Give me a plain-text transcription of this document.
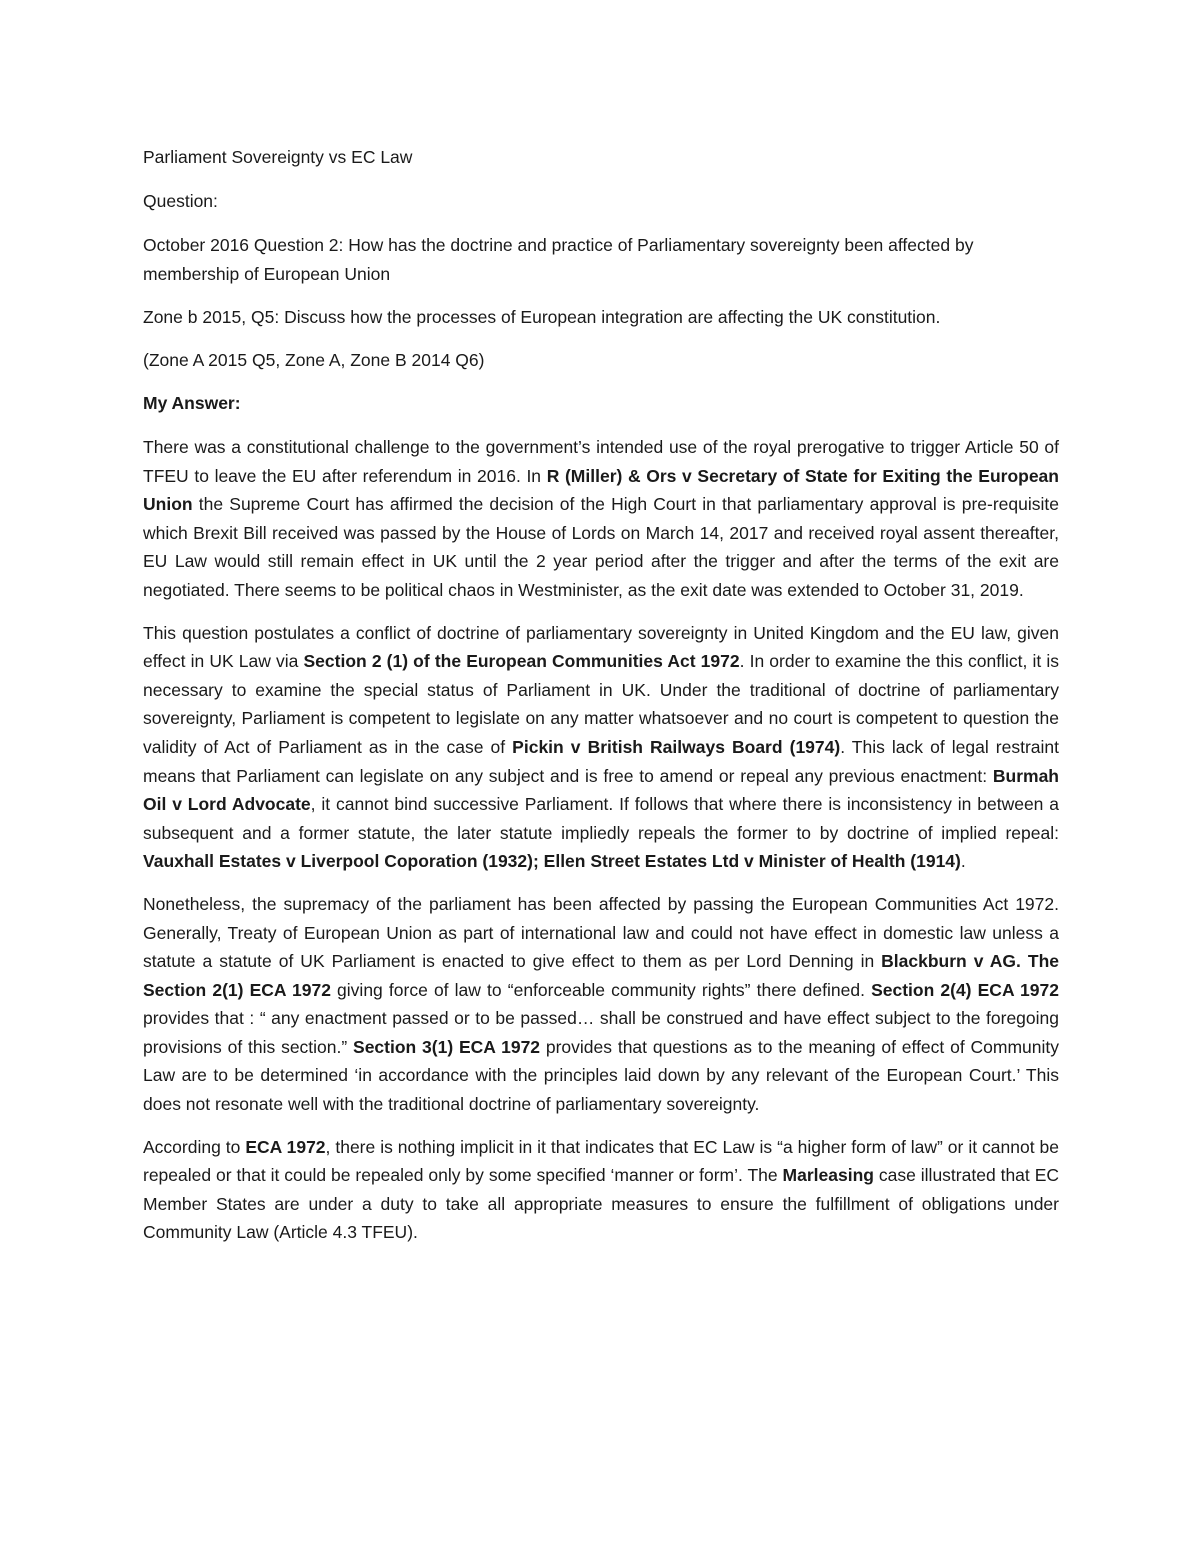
Parliament Sovereignty vs EC Law

Question:

October 2016 Question 2: How has the doctrine and practice of Parliamentary sovereignty been affected by membership of European Union

Zone b 2015, Q5: Discuss how the processes of European integration are affecting the UK constitution.

(Zone A 2015 Q5, Zone A, Zone B 2014 Q6)

My Answer:

There was a constitutional challenge to the government’s intended use of the royal prerogative to trigger Article 50 of TFEU to leave the EU after referendum in 2016. In R (Miller) & Ors v Secretary of State for Exiting the European Union the Supreme Court has affirmed the decision of the High Court in that parliamentary approval is pre-requisite which Brexit Bill received was passed by the House of Lords on March 14, 2017 and received royal assent thereafter, EU Law would still remain effect in UK until the 2 year period after the trigger and after the terms of the exit are negotiated. There seems to be political chaos in Westminister, as the exit date was extended to October 31, 2019.

This question postulates a conflict of doctrine of parliamentary sovereignty in United Kingdom and the EU law, given effect in UK Law via Section 2 (1) of the European Communities Act 1972. In order to examine the this conflict, it is necessary to examine the special status of Parliament in UK. Under the traditional of doctrine of parliamentary sovereignty, Parliament is competent to legislate on any matter whatsoever and no court is competent to question the validity of Act of Parliament as in the case of Pickin v British Railways Board (1974). This lack of legal restraint means that Parliament can legislate on any subject and is free to amend or repeal any previous enactment: Burmah Oil v Lord Advocate, it cannot bind successive Parliament. If follows that where there is inconsistency in between a subsequent and a former statute, the later statute impliedly repeals the former to by doctrine of implied repeal: Vauxhall Estates v Liverpool Coporation (1932); Ellen Street Estates Ltd v Minister of Health (1914).

Nonetheless, the supremacy of the parliament has been affected by passing the European Communities Act 1972. Generally, Treaty of European Union as part of international law and could not have effect in domestic law unless a statute a statute of UK Parliament is enacted to give effect to them as per Lord Denning in Blackburn v AG. The Section 2(1) ECA 1972 giving force of law to “enforceable community rights” there defined. Section 2(4) ECA 1972 provides that : “ any enactment passed or to be passed… shall be construed and have effect subject to the foregoing provisions of this section.” Section 3(1) ECA 1972 provides that questions as to the meaning of effect of Community Law are to be determined ‘in accordance with the principles laid down by any relevant of the European Court.’ This does not resonate well with the traditional doctrine of parliamentary sovereignty.

According to ECA 1972, there is nothing implicit in it that indicates that EC Law is “a higher form of law” or it cannot be repealed or that it could be repealed only by some specified ‘manner or form’. The Marleasing case illustrated that EC Member States are under a duty to take all appropriate measures to ensure the fulfillment of obligations under Community Law (Article 4.3 TFEU).
